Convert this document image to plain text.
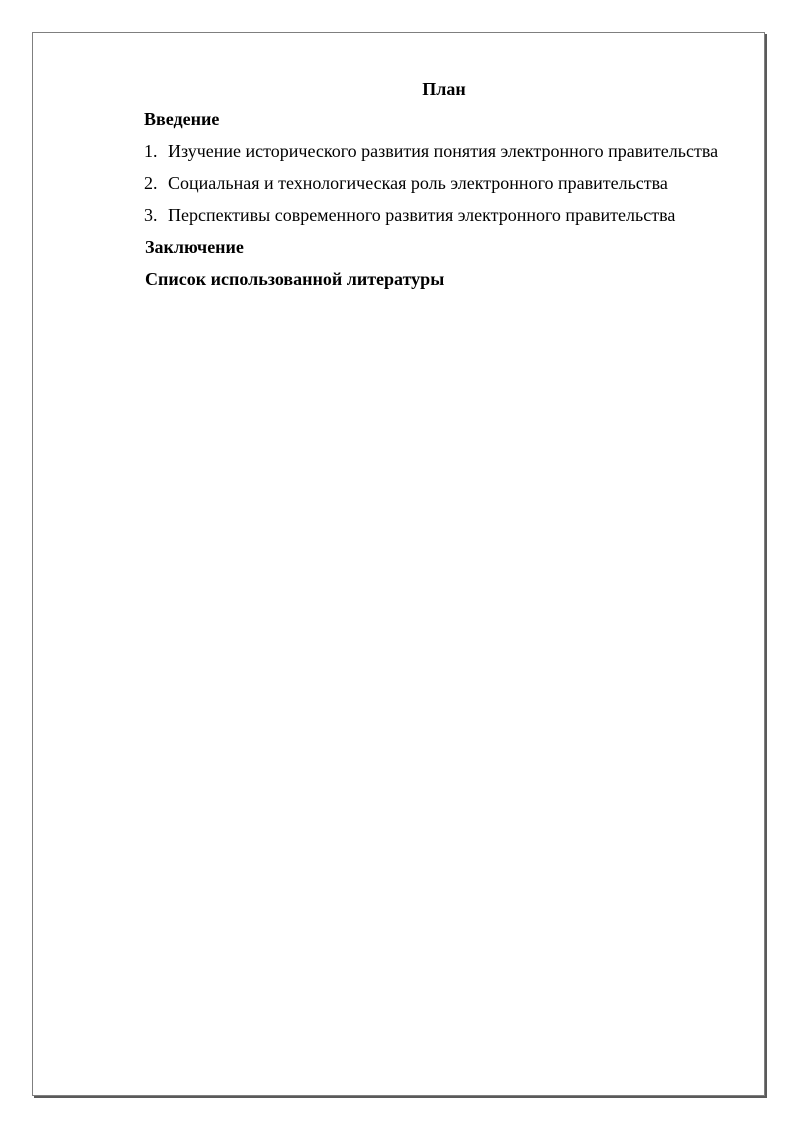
План
Введение
1. Изучение исторического развития понятия электронного правительства
2. Социальная и технологическая роль электронного правительства
3. Перспективы современного развития электронного правительства
Заключение
Список использованной литературы
